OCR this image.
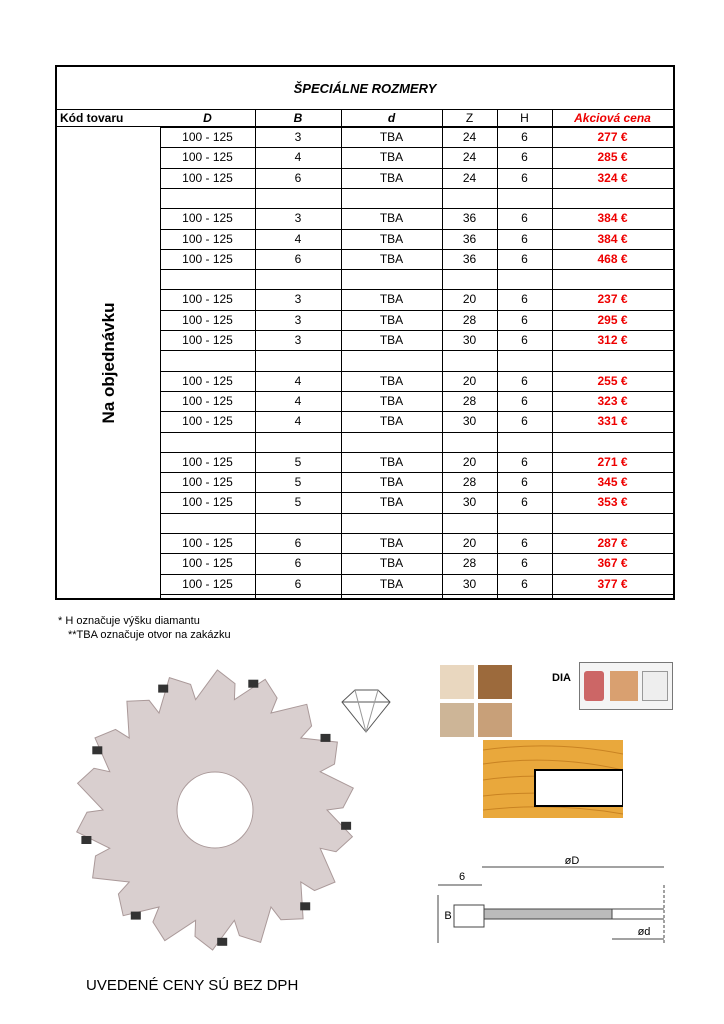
ŠPECIÁLNE ROZMERY
Kód tovaru	D	B	d	Z	H	Akciová cena
Na objednávku
100 - 125	3	TBA	24	6	277 €
100 - 125	4	TBA	24	6	285 €
100 - 125	6	TBA	24	6	324 €
100 - 125	3	TBA	36	6	384 €
100 - 125	4	TBA	36	6	384 €
100 - 125	6	TBA	36	6	468 €
100 - 125	3	TBA	20	6	237 €
100 - 125	3	TBA	28	6	295 €
100 - 125	3	TBA	30	6	312 €
100 - 125	4	TBA	20	6	255 €
100 - 125	4	TBA	28	6	323 €
100 - 125	4	TBA	30	6	331 €
100 - 125	5	TBA	20	6	271 €
100 - 125	5	TBA	28	6	345 €
100 - 125	5	TBA	30	6	353 €
100 - 125	6	TBA	20	6	287 €
100 - 125	6	TBA	28	6	367 €
100 - 125	6	TBA	30	6	377 €
* H označuje výšku diamantu
**TBA označuje otvor na zakázku
DIA
øD
ød
6
B
UVEDENÉ CENY SÚ BEZ DPH
